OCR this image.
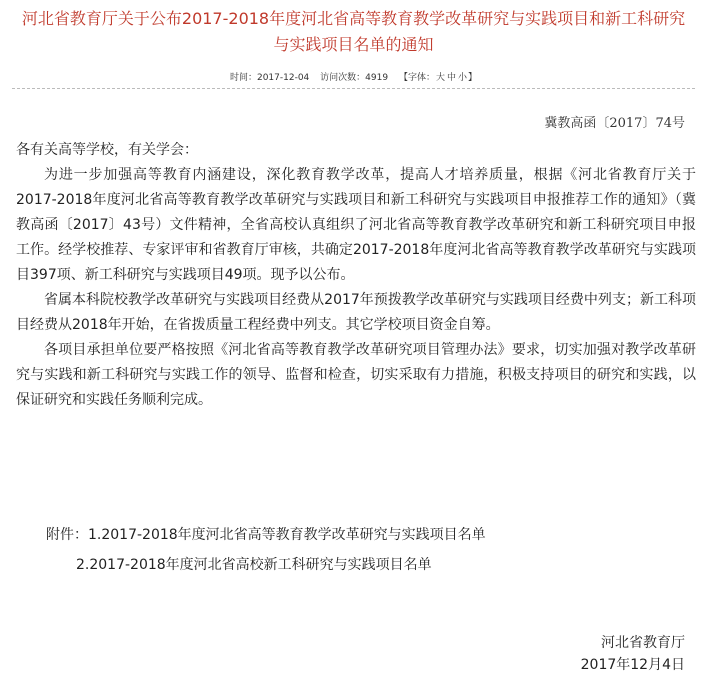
河北省教育厅关于公布2017-2018年度河北省高等教育教学改革研究与实践项目和新工科研究
与实践项目名单的通知
时间：2017-12-04 访问次数：4919 【字体：大 中 小】
冀教高函〔2017〕74号

各有关高等学校，有关学会：

为进一步加强高等教育内涵建设，深化教育教学改革，提高人才培养质量，根据《河北省教育厅关于2017-2018年度河北省高等教育教学改革研究与实践项目和新工科研究与实践项目申报推荐工作的通知》（冀教高函〔2017〕43号）文件精神，全省高校认真组织了河北省高等教育教学改革研究和新工科研究项目申报工作。经学校推荐、专家评审和省教育厅审核，共确定2017-2018年度河北省高等教育教学改革研究与实践项目397项、新工科研究与实践项目49项。现予以公布。

省属本科院校教学改革研究与实践项目经费从2017年预拨教学改革研究与实践项目经费中列支；新工科项目经费从2018年开始，在省拨质量工程经费中列支。其它学校项目资金自筹。

各项目承担单位要严格按照《河北省高等教育教学改革研究项目管理办法》要求，切实加强对教学改革研究与实践和新工科研究与实践工作的领导、监督和检查，切实采取有力措施，积极支持项目的研究和实践，以保证研究和实践任务顺利完成。

附件：1.2017-2018年度河北省高等教育教学改革研究与实践项目名单
2.2017-2018年度河北省高校新工科研究与实践项目名单
河北省教育厅
2017年12月4日
